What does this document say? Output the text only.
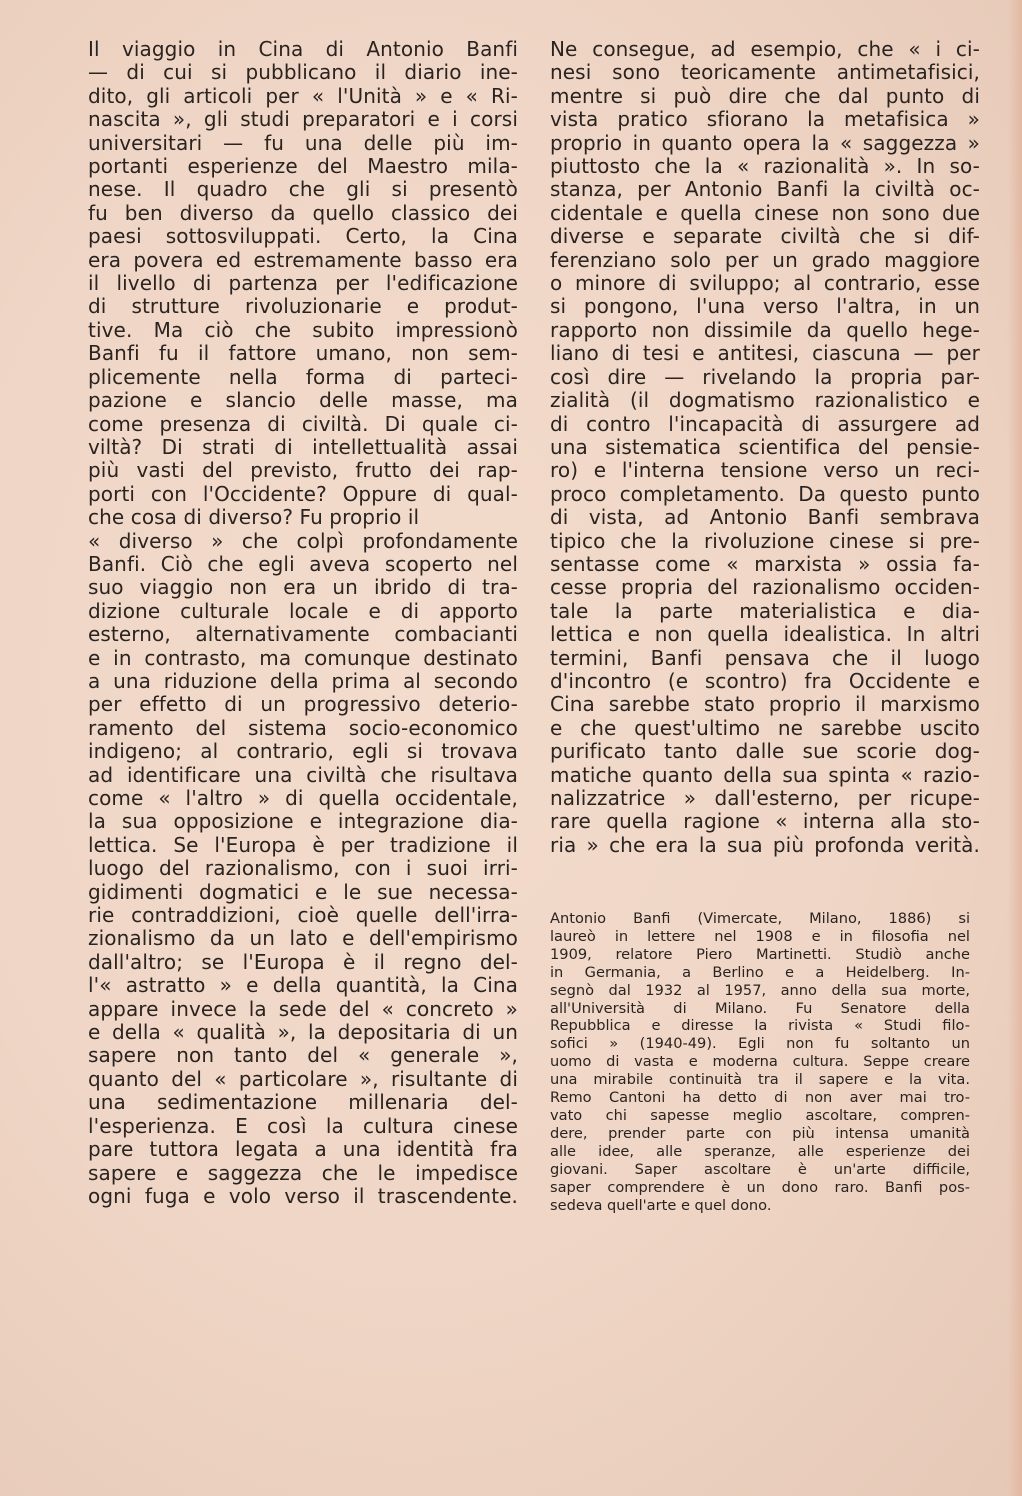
Il viaggio in Cina di Antonio Banfi
— di cui si pubblicano il diario ine-
dito, gli articoli per « l'Unità » e « Ri-
nascita », gli studi preparatori e i corsi
universitari — fu una delle più im-
portanti esperienze del Maestro mila-
nese. Il quadro che gli si presentò
fu ben diverso da quello classico dei
paesi sottosviluppati. Certo, la Cina
era povera ed estremamente basso era
il livello di partenza per l'edificazione
di strutture rivoluzionarie e produt-
tive. Ma ciò che subito impressionò
Banfi fu il fattore umano, non sem-
plicemente nella forma di parteci-
pazione e slancio delle masse, ma
come presenza di civiltà. Di quale ci-
viltà? Di strati di intellettualità assai
più vasti del previsto, frutto dei rap-
porti con l'Occidente? Oppure di qual-
che cosa di diverso? Fu proprio il
« diverso » che colpì profondamente
Banfi. Ciò che egli aveva scoperto nel
suo viaggio non era un ibrido di tra-
dizione culturale locale e di apporto
esterno, alternativamente combacianti
e in contrasto, ma comunque destinato
a una riduzione della prima al secondo
per effetto di un progressivo deterio-
ramento del sistema socio-economico
indigeno; al contrario, egli si trovava
ad identificare una civiltà che risultava
come « l'altro » di quella occidentale,
la sua opposizione e integrazione dia-
lettica. Se l'Europa è per tradizione il
luogo del razionalismo, con i suoi irri-
gidimenti dogmatici e le sue necessa-
rie contraddizioni, cioè quelle dell'irra-
zionalismo da un lato e dell'empirismo
dall'altro; se l'Europa è il regno del-
l'« astratto » e della quantità, la Cina
appare invece la sede del « concreto »
e della « qualità », la depositaria di un
sapere non tanto del « generale »,
quanto del « particolare », risultante di
una sedimentazione millenaria del-
l'esperienza. E così la cultura cinese
pare tuttora legata a una identità fra
sapere e saggezza che le impedisce
ogni fuga e volo verso il trascendente.
Ne consegue, ad esempio, che « i ci-
nesi sono teoricamente antimetafisici,
mentre si può dire che dal punto di
vista pratico sfiorano la metafisica »
proprio in quanto opera la « saggezza »
piuttosto che la « razionalità ». In so-
stanza, per Antonio Banfi la civiltà oc-
cidentale e quella cinese non sono due
diverse e separate civiltà che si dif-
ferenziano solo per un grado maggiore
o minore di sviluppo; al contrario, esse
si pongono, l'una verso l'altra, in un
rapporto non dissimile da quello hege-
liano di tesi e antitesi, ciascuna — per
così dire — rivelando la propria par-
zialità (il dogmatismo razionalistico e
di contro l'incapacità di assurgere ad
una sistematica scientifica del pensie-
ro) e l'interna tensione verso un reci-
proco completamento. Da questo punto
di vista, ad Antonio Banfi sembrava
tipico che la rivoluzione cinese si pre-
sentasse come « marxista » ossia fa-
cesse propria del razionalismo occiden-
tale la parte materialistica e dia-
lettica e non quella idealistica. In altri
termini, Banfi pensava che il luogo
d'incontro (e scontro) fra Occidente e
Cina sarebbe stato proprio il marxismo
e che quest'ultimo ne sarebbe uscito
purificato tanto dalle sue scorie dog-
matiche quanto della sua spinta « razio-
nalizzatrice » dall'esterno, per ricupe-
rare quella ragione « interna alla sto-
ria » che era la sua più profonda verità.
Antonio Banfi (Vimercate, Milano, 1886) si
laureò in lettere nel 1908 e in filosofia nel
1909, relatore Piero Martinetti. Studiò anche
in Germania, a Berlino e a Heidelberg. In-
segnò dal 1932 al 1957, anno della sua morte,
all'Università di Milano. Fu Senatore della
Repubblica e diresse la rivista « Studi filo-
sofici » (1940-49). Egli non fu soltanto un
uomo di vasta e moderna cultura. Seppe creare
una mirabile continuità tra il sapere e la vita.
Remo Cantoni ha detto di non aver mai tro-
vato chi sapesse meglio ascoltare, compren-
dere, prender parte con più intensa umanità
alle idee, alle speranze, alle esperienze dei
giovani. Saper ascoltare è un'arte difficile,
saper comprendere è un dono raro. Banfi pos-
sedeva quell'arte e quel dono.
